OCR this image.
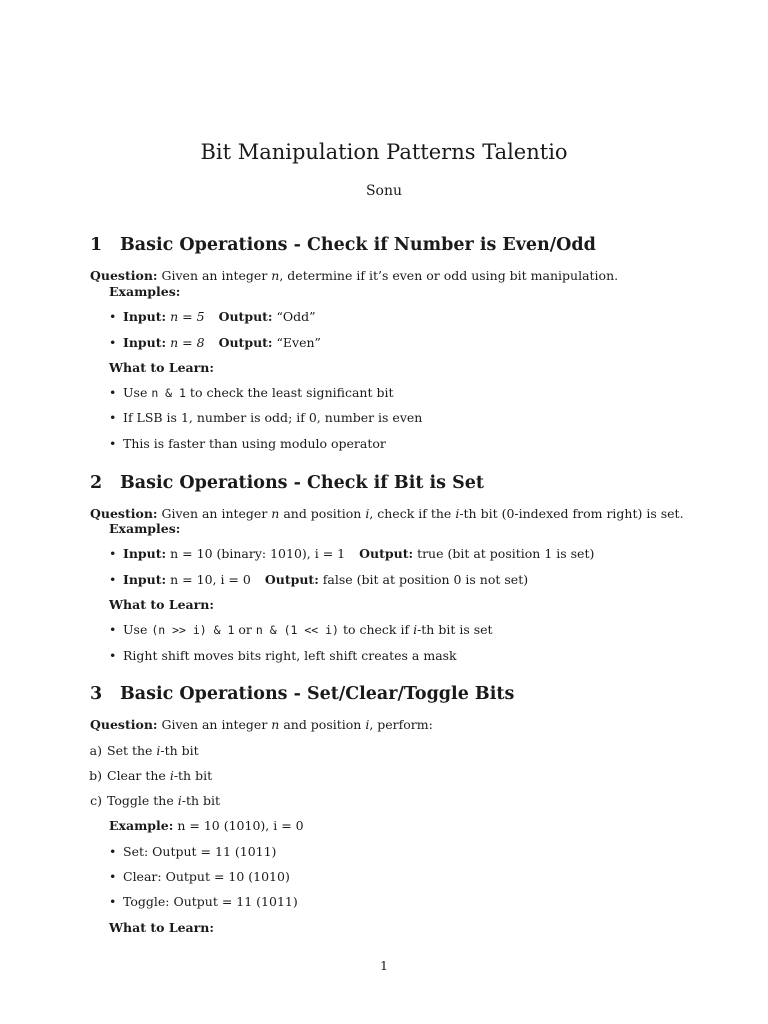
Bit Manipulation Patterns Talentio
Sonu
1 Basic Operations - Check if Number is Even/Odd
Question: Given an integer n, determine if it’s even or odd using bit manipulation.
Examples:
• Input: n = 5 Output: “Odd”
• Input: n = 8 Output: “Even”
What to Learn:
• Use n & 1 to check the least significant bit
• If LSB is 1, number is odd; if 0, number is even
• This is faster than using modulo operator
2 Basic Operations - Check if Bit is Set
Question: Given an integer n and position i, check if the i-th bit (0-indexed from right) is set.
Examples:
• Input: n = 10 (binary: 1010), i = 1 Output: true (bit at position 1 is set)
• Input: n = 10, i = 0 Output: false (bit at position 0 is not set)
What to Learn:
• Use (n >> i) & 1 or n & (1 << i) to check if i-th bit is set
• Right shift moves bits right, left shift creates a mask
3 Basic Operations - Set/Clear/Toggle Bits
Question: Given an integer n and position i, perform:
a) Set the i-th bit
b) Clear the i-th bit
c) Toggle the i-th bit
Example: n = 10 (1010), i = 0
• Set: Output = 11 (1011)
• Clear: Output = 10 (1010)
• Toggle: Output = 11 (1011)
What to Learn:
1
